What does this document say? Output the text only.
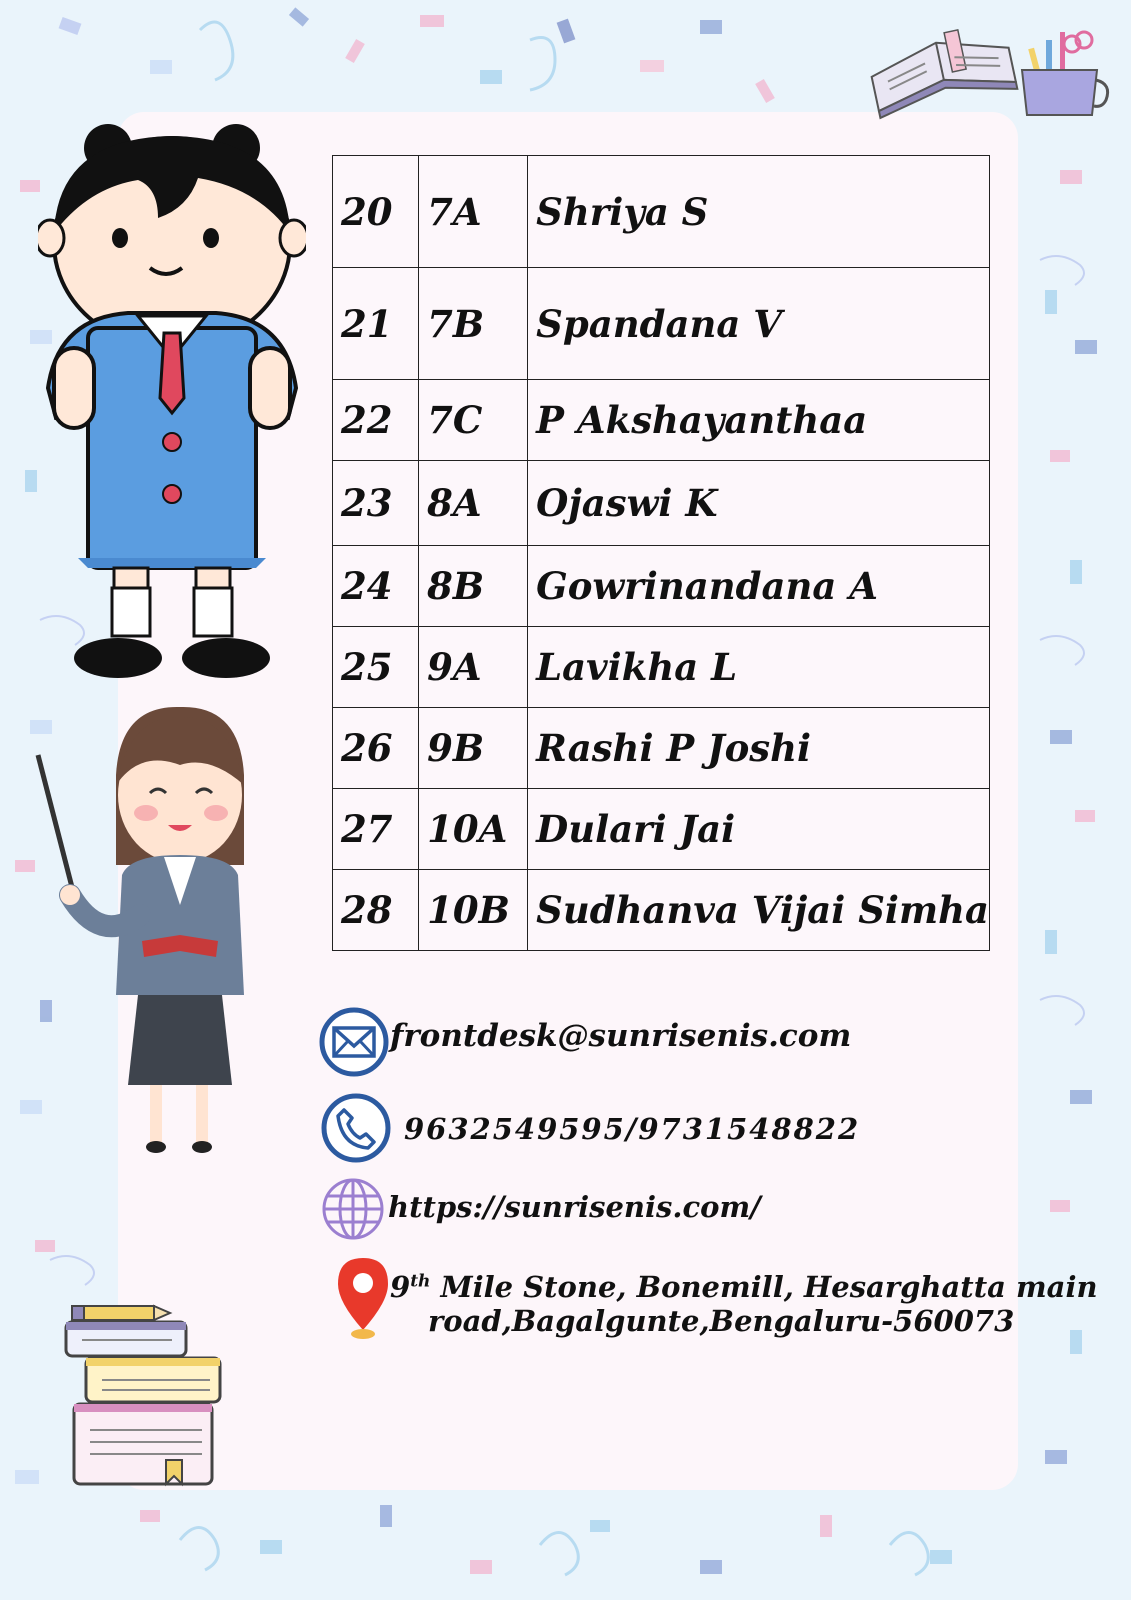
20	7A	Shriya S
21	7B	Spandana V
22	7C	P Akshayanthaa
23	8A	Ojaswi K
24	8B	Gowrinandana A
25	9A	Lavikha L
26	9B	Rashi P Joshi
27	10A	Dulari Jai
28	10B	Sudhanva Vijai Simha
frontdesk@sunrisenis.com
9632549595/9731548822
https://sunrisenis.com/
9th Mile Stone, Bonemill, Hesarghatta main
road,Bagalgunte,Bengaluru-560073
